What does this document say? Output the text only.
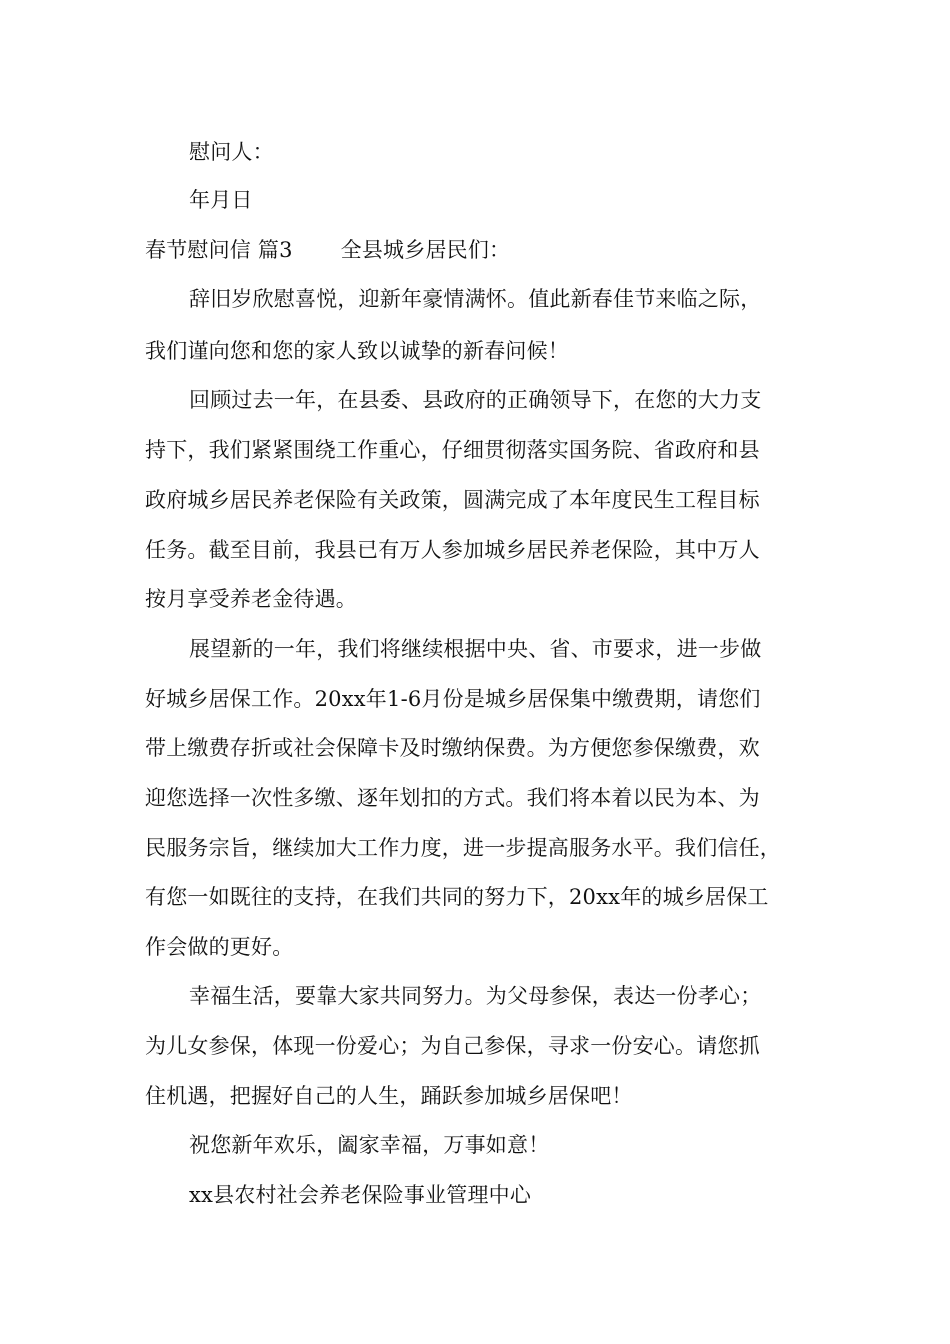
慰问人：
年月日
春节慰问信 篇3 全县城乡居民们：
辞旧岁欣慰喜悦，迎新年豪情满怀。值此新春佳节来临之际，
我们谨向您和您的家人致以诚挚的新春问候！
回顾过去一年，在县委、县政府的正确领导下，在您的大力支
持下，我们紧紧围绕工作重心，仔细贯彻落实国务院、省政府和县
政府城乡居民养老保险有关政策，圆满完成了本年度民生工程目标
任务。截至目前，我县已有万人参加城乡居民养老保险，其中万人
按月享受养老金待遇。
展望新的一年，我们将继续根据中央、省、市要求，进一步做
好城乡居保工作。20xx年1-6月份是城乡居保集中缴费期，请您们
带上缴费存折或社会保障卡及时缴纳保费。为方便您参保缴费，欢
迎您选择一次性多缴、逐年划扣的方式。我们将本着以民为本、为
民服务宗旨，继续加大工作力度，进一步提高服务水平。我们信任，
有您一如既往的支持，在我们共同的努力下，20xx年的城乡居保工
作会做的更好。
幸福生活，要靠大家共同努力。为父母参保，表达一份孝心；
为儿女参保，体现一份爱心；为自己参保，寻求一份安心。请您抓
住机遇，把握好自己的人生，踊跃参加城乡居保吧！
祝您新年欢乐，阖家幸福，万事如意！
xx县农村社会养老保险事业管理中心
